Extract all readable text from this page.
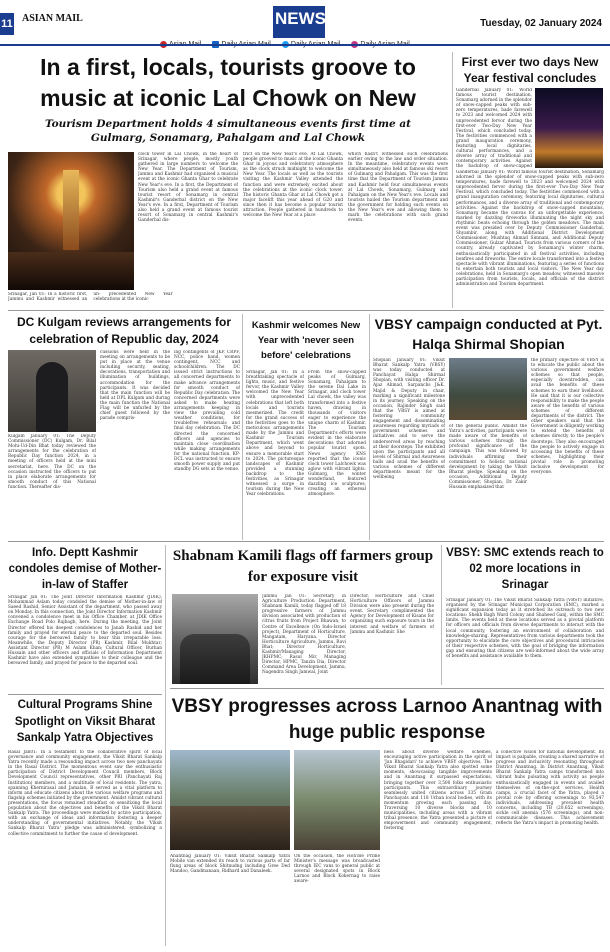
11 ASIAN MAIL	NEWS	Tuesday, 02 January 2024

In a first, locals, tourists groove to music at iconic Lal Chowk on New
Tourism Department holds 4 simultaneous events first time at Gulmarg, Sonamarg, Pahalgam and Lal Chowk
Srinagar, Jan 01: In a historic first, Jammu and Kashmir witnessed an un- precedented New Year celebrations at the iconic
clock tower in Lal Chowk, in the heart of Srinagar, where people, mostly youth gathered in large numbers to welcome the New Year. The Department of Tourism, Jammu and Kashmir had organised a musical event at the iconic Ghanta Ghar to celebrate New Year's eve. In a first, the Department of Tourism also held a grand event at famous tourist resort of Sonamarg in central Kashmir's Ganderbal district on the New Year's eve. In a first, Department of Tourism also held a grand event at famous tourist resort of Sonamarg in central Kashmir's Ganderbal dis-
trict on the New Year's eve. At Lal Chowk, people grooved to music at the iconic Ghanta Ghar in joyous and celebratory atmosphere as the clock struck midnight to welcome the New Year. The locals as well as the tourists visiting the Kashmir Valley attended the function and were extremely excited about the celebrations at the iconic clock tower. The historic Ghanta Ghar at Lal Chowk got a major facelift this year ahead of G20 and since then it has become a popular tourist attraction. People gathered in hundreds to welcome the New Year at a place
which hasn't witnessed such celebrations earlier owing to the law and order situation. In the meantime, celebratory events were simultaneously also held at famous ski resort of Gulmarg and Pahalgam. This was the first time that the Department of Tourism Jammu and Kashmir held four simultaneous events at Lal Chowk, Sonamarg, Gulmarg and Pahalgam on the New Year's eve. Locals and tourists hailed the Tourism department and the government for holding such events on the New Year's eve and allowing them to mark the celebrations with such grand events.
First ever two days New Year festival concludes
Ganderbal January 01: World famous tourist destination, Sonamarg adorned in the splendor of snow-capped peaks with sub-zero temperatures, bade farewell to 2023 and welcomed 2024 with unprecedented fervor during the first-ever Two-Day New Year Festival, which concluded today. The festivities commenced with a grand inauguration ceremony, featuring local dignitaries, cultural performances, and a diverse array of traditional and contemporary activities. Against the backdrop of snow-capped
Ganderbal January 01: World famous tourist destination, Sonamarg adorned in the splendor of snow-capped peaks with sub-zero temperatures, bade farewell to 2023 and welcomed 2024 with unprecedented fervor during the first-ever Two-Day New Year Festival, which concluded today. The festivities commenced with a grand inauguration ceremony, featuring local dignitaries, cultural performances, and a diverse array of traditional and contemporary activities. Against the backdrop of snow-capped mountains, Sonamarg became the canvas for an unforgettable experience, marked by dazzling fireworks illuminating the night sky and rhythmic beats echoing through the golden meadows. The main event was presided over by Deputy Commissioner Ganderbal, Shyambir, along with Additional District Development Commissioner, Mushtaq Ahmad Simnani, and Additional Deputy Commissioner, Gulzar Ahmad. Tourists from various corners of the country, already captivated by Sonamarg's winter charm, enthusiastically participated in all festival activities, including bonfires and fireworks. The entire locale transformed into a festive spectacle with vibrant illuminations, featuring a series of functions to entertain both tourists and local visitors. The New Year day celebrations, held in Sonamarg's open meadow, witnessed massive participation from tourists, locals, and officials of the district administration and Tourism department.
DC Kulgam reviews arrangements for celebration of Republic day, 2024
Kulgam January 01: The Deputy Commissioner (DC) Kulgam, Dr. Bilal Mohi-Ud-Din Bhat today reviewed the arrangements for the celebration of Republic Day function 2024, in a meeting of officers held at the mini secretariat, here. The DC on the occasion instructed the officers to put in place elaborate arrangements for smooth conduct of this National function. Thereafter dis-
cussions were held in the meeting on arrangements to be put in place at the venue including security, seating, decorations, transportation and illumination of buildings, accommodation for the participants. It was decided that the main function will be held at DPL Kulgam and during the main function the National Flag will be unfurled by the chief guest followed by the parade compris-
ing contingents of JKP, CRPF, NCC, police band, women contingent, NCC and schoolchildren. The DC issued strict instructions to all concerned departments to make advance arrangements for smooth conduct of Republic Day celebration. The concerned departments were asked to make heating arrangements keeping in view the prevailing cold weather conditions, for troublefree rehearsals and final day celebration. The DC directed the concerned officers and agencies to maintain close coordination while making arrangements for the national function. KP-DCL was instructed to ensure smooth power supply and put standby DG sets at the venue.
Kashmir welcomes New Year with 'never seen before' celebrations
Srinagar, Jan 01: In a breathtaking spectacle of lights, music, and festive fervor, the Kashmir Valley welcomed the New Year with unprecedented celebrations that left both locals and tourists mesmerized. The credit for the grand success of the festivities goes to the meticulous arrangements made by the Jammu and Kashmir Tourism Department, which went above and beyond to ensure a memorable start to 2024. The picturesque landscapes of Kashmir provided a stunning backdrop to the festivities, as Srinagar witnessed a surge in tourism during the New Year celebrations.
From the snow-capped peaks of Gulmarg, Sonamarg, Pahalgam to the serene Dal Lake in Srinagar, and clock tower Lal chowk, the valley was transformed into a festive haven, drawing in thousands of visitors eager to experience the unique charm of Kashmir. The Tourism Department's efforts were evident in the elaborate decorations that adorned popular tourist spots. News agency KNS reported that the iconic clock tower Lalchowk was aglow with vibrant lights. Gulmarg, the winter wonderland, featured dazzling ice sculptures, creating an ethereal atmosphere.
VBSY campaign conducted at Pyt. Halqa Shirmal Shopian
Shopian January 01: Viksit Bharat Sankalp Yatra (VBSY) was today conducted at Panchayat Halqa Shirmal Shopian, with visiting officer Dr. Ajaz Ahmad, Sarpanchs J&K, Majid & Deputy in chair, marking a significant milestone in its journey. Speaking on the occasion, Rajinder Singh said that the VBSY is aimed at fostering community engagement and disseminating awareness regarding myriads of government schemes and initiatives and to serve the underserved areas by reaching at their doorsteps. The exhibited upon the participants and all levels of Shirmal and Awareness halls and avail the benefits of various schemes of different departments meant for the wellbeing
of the general public. Amidst the Yatra's activities, participants were made aware of the benefits of various schemes through the profound significance of the campaign. This was followed by individuals affirming their commitment to holistic national development by taking the Viksit Bharat pledge. Speaking on the occasion, Additional Deputy Commissioner, Shopian, Dr. Zakir Hussain emphasized that
the primary objective of VBSY is to educate the public about the various government welfare schemes so that people, especially downtrodden, can avail the benefits of these schemes to earn their livelihood. He said that it is our collective responsibility to make the people aware of the benefits of various schemes of different departments of the district. The other speakers said that the Government is diligently working to extend the benefits of schemes directly to the people's doorsteps. They also encouraged the people to actively engage in accessing the benefits of these schemes, highlighting their pivotal role in promoting inclusive development for everyone.
Info. Deptt Kashmir condoles demise of Mother-in-law of Staffer
Srinagar Jan 01: The Joint Director Information Kashmir (JDIK), Mohammad Aslam today condoled the demise of Mother-in-law of Saeed Rashid, Senior Assistant of the department, who passed away on Monday. In this connection, the Joint Director Information Kashmir convened a condolence meet in his Office Chamber, at JDIK Office Exchange Road Polo Rajbagh, here. During the meeting, the Joint Director offered his deepest condolences to Janab Rashid and her family and prayed for eternal peace to the departed soul. Besides courage for the bereaved family to bear this irreparable loss. Meanwhile, the Deputy Director (PR) Kashmir, Bilal Mukhtar; Assistant Director (PR) M Aslam Khan; Cultural Officer, Burhan Hussain and other officers and officials of Information Department Kashmir have also extended sympathies to their colleague and the bereaved family, and prayed for peace to the departed soul.
Cultural Programs Shine Spotlight on Viksit Bharat Sankalp Yatra Objectives
Rasal Jan01: In a testament to the collaborative spirit of local governance and community engagement, the Viksit Bharat Sankalp Yatra recently made a resounding impact across two new panchayats in the Rasal District. The momentous event saw the enthusiastic participation of District Development Council members, Block Development Council representatives, other PRI (Panchayati Raj Institution) members, and a multitude of local residents. The yatra, spanning Khernirasal and Jamalan, B served as a vital platform to inform and educate citizens about the various welfare programs and flagship schemes initiated by the government. Amidst vibrant cultural presentations, the focus remained steadfast on sensitizing the local population about the objectives and benefits of the Viksit Bharat Sankalp Yatra. The proceedings were marked by active participation, with an exchange of ideas and information fostering a deeper understanding of governmental initiatives. Notably, the 'Viksit Sankalp Bharat Yatra' pledge was administered, symbolizing a collective commitment to further the cause of development.
Shabnam Kamili flags off farmers group for exposure visit
Jammu Jan 01: Secretary in Agriculture Production Department, Shabnam Kamili, today flagged off 18 progressive farmers of Jammu division associated with production of citrus fruits from Project Bhawan, to Centre of Excellence (On Indo-Israel project), Department of Horticulture, Mangatam, Haryana. Director Horticulture Agriculture, Jammu, Ravi Bhat; Director Horticulture, Kashmir/Managing Director, JKHPMC; Rasul Mir, Managing Director, HPMC, Tanzin Dia, Director Command Area Development, Jammu, Nagendra Singh Jamwal, Joint
Director, Horticulture and Chief Horticulture Officers of Jammu Division were also present during the event. Secretary complimented the Agency for Development of Kisans for organizing such exposure tours in the interest and welfare of farmers of Jammu and Kashmir. She
VBSY: SMC extends reach to 02 more locations in Srinagar
Srinagar January 01: The Viksit Bharat Sankalp Yatra (VBSY) initiative, organised by the Srinagar Municipal Corporation (SMC), marked a significant expansion today as it stretched its outreach to two new locations: Shekh Bagh Ward Colony and Shaheed Ganj, within the SMC limits. The events held at these locations served as a pivotal platform for officers and officials from diverse departments to interact with the local community, fostering an environment of collaboration and knowledge-sharing. Representatives from various departments took the opportunity to elucidate the core objectives and procedural intricacies of their respective schemes, with the goal of bridging the information gap and ensuring that citizens are well-informed about the wide array of benefits and assistance available to them.
VBSY progresses across Larnoo Anantnag with huge public response
Anantnag January 01: Viksit Bharat Sankalp Yatra Mobile van extended its reach to various parts of far flung areas of block Shitnudng including Gree Ded Mandoo, Gandmanaan, Ridhard and Danaleek.
On the occasion, the Hon'ble Prime Minister's message was broadcasted through IEC vans to general public at several designated spots in Block Larnoo and Block Kokernag to raise aware-
ness about diverse welfare schemes, encouraging active participation in the spirit of 'Jan Bhagidari' to achieve VBSY objectives. The Viksit Bharat Sankalp Yatra also spotted some moments, showcasing tangible improvements and in Anantnag it surpassed expectations, bringing together over 3,500 folks enthusiastic participants. This extraordinary journey seamlessly united citizens across 335 Gram Panchayats and 118 Urban local bodies, with its momentum growing each passing day. Traversing 10 diverse blocks and 10 municipalities, including areas with a vibrant tribal presence, the Yatra presented a picture of empowerment and community engagement, fostering
a collective vision for national development. Its impact is palpable, creating a shared narrative of progress and inclusivity resonating throughout District Anantnag. In District Anantnag, Viksit Bharat Sankalp Yatra camps transformed into vibrant hubs pulsating with activity as people enthusiastically engaged in events and availed themselves of on-the-spot services. Health camps, a crucial facet of the Yatra, played a pivotal role by offering screenings to 93,547 individuals, addressing prevalent health concerns, including TB (20,652 screenings), sickle cell anemia (576 screenings), and non-communicable diseases. This achievement reflects the Yatra's impact in promoting health.
